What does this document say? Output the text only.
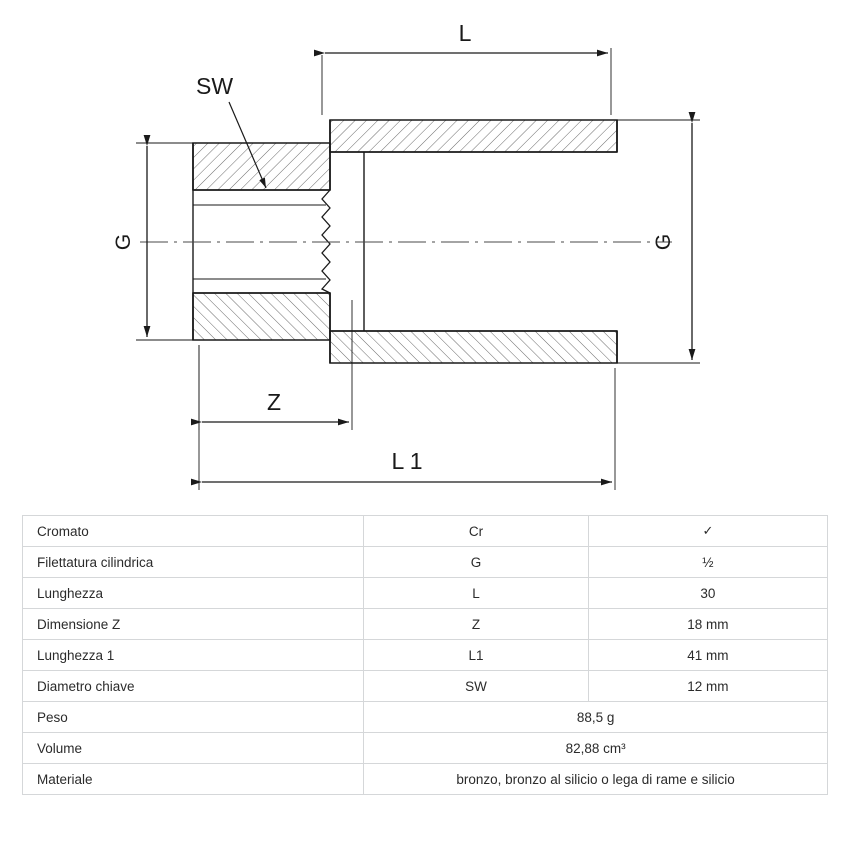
L
SW
G	G
Z
L 1
Cromato	Cr	✓
Filettatura cilindrica	G	½
Lunghezza	L	30
Dimensione Z	Z	18 mm
Lunghezza 1	L1	41 mm
Diametro chiave	SW	12 mm
Peso	88,5 g	
Volume	82,88 cm³	
Materiale	bronzo, bronzo al silicio o lega di rame e silicio	
